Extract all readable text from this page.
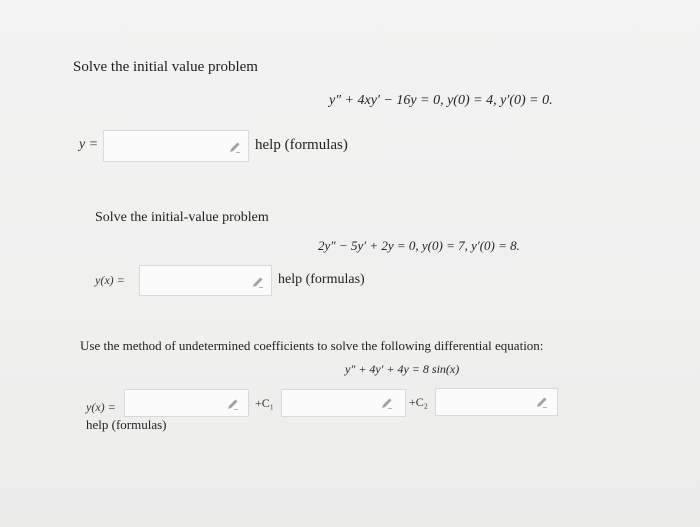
Solve the initial value problem
y″ + 4xy′ − 16y = 0, y(0) = 4, y′(0) = 0.
y =	help (formulas)
Solve the initial-value problem
2y″ − 5y′ + 2y = 0, y(0) = 7, y′(0) = 8.
y(x) =	help (formulas)
Use the method of undetermined coefficients to solve the following differential equation:
y″ + 4y′ + 4y = 8 sin(x)
y(x) =	+C₁	+C₂
help (formulas)
